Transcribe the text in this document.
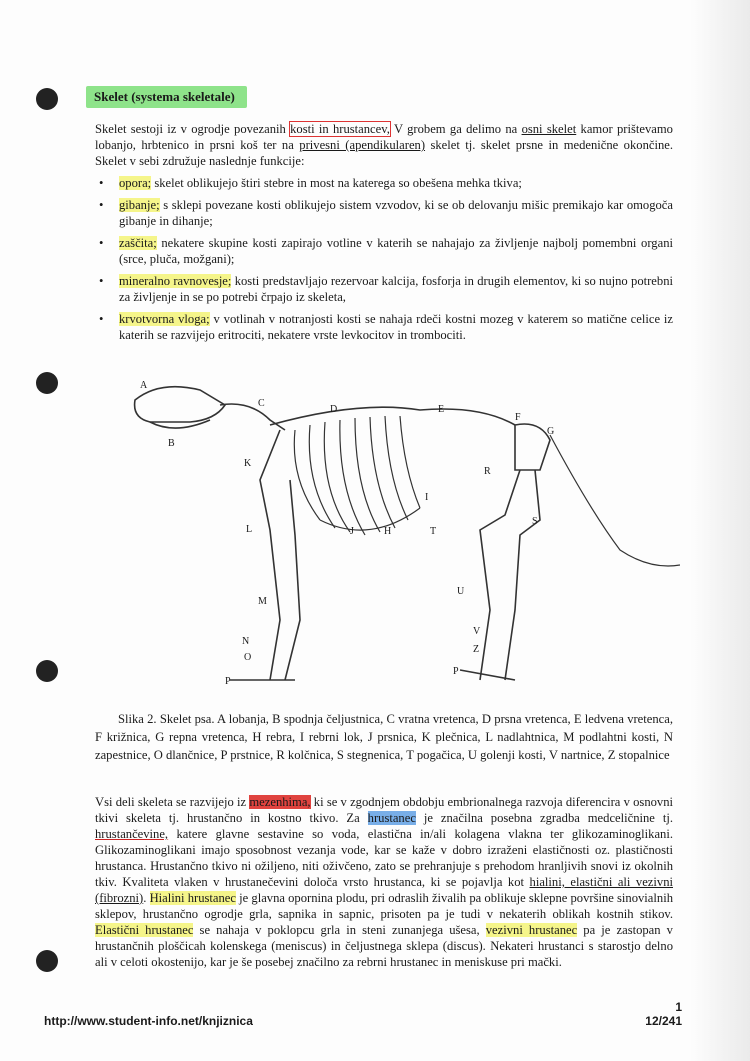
Skelet (systema skeletale)
Skelet sestoji iz v ogrodje povezanih kosti in hrustancev, V grobem ga delimo na osni skelet kamor prištevamo lobanjo, hrbtenico in prsni koš ter na privesni (apendikularen) skelet tj. skelet prsne in medenične okončine. Skelet v sebi združuje naslednje funkcije:
• opora; skelet oblikujejo štiri stebre in most na katerega so obešena mehka tkiva;
• gibanje; s sklepi povezane kosti oblikujejo sistem vzvodov, ki se ob delovanju mišic premikajo kar omogoča gibanje in dihanje;
• zaščita; nekatere skupine kosti zapirajo votline v katerih se nahajajo za življenje najbolj pomembni organi (srce, pluča, možgani);
• mineralno ravnovesje; kosti predstavljajo rezervoar kalcija, fosforja in drugih elementov, ki so nujno potrebni za življenje in se po potrebi črpajo iz skeleta,
• krvotvorna vloga; v votlinah v notranjosti kosti se nahaja rdeči kostni mozeg v katerem so matične celice iz katerih se razvijejo eritrociti, nekatere vrste levkocitov in trombociti.
A
B
C
D	E
F
G
K
R
I
L	J	H	T
S
U
M
N
O
V
Z
P
P
Slika 2. Skelet psa. A lobanja, B spodnja čeljustnica, C vratna vretenca, D prsna vretenca, E ledvena vretenca, F križnica, G repna vretenca, H rebra, I rebrni lok, J prsnica, K plečnica, L nadlahtnica, M podlahtni kosti, N zapestnice, O dlančnice, P prstnice, R kolčnica, S stegnenica, T pogačica, U golenji kosti, V nartnice, Z stopalnice
Vsi deli skeleta se razvijejo iz mezenhima, ki se v zgodnjem obdobju embrionalnega razvoja diferencira v osnovni tkivi skeleta tj. hrustančno in kostno tkivo. Za hrustanec je značilna posebna zgradba medceličnine tj. hrustančevine, katere glavne sestavine so voda, elastična in/ali kolagena vlakna ter glikozaminoglikani. Glikozaminoglikani imajo sposobnost vezanja vode, kar se kaže v dobro izraženi elastičnosti oz. plastičnosti hrustanca. Hrustančno tkivo ni ožiljeno, niti oživčeno, zato se prehranjuje s prehodom hranljivih snovi iz okolnih tkiv. Kvaliteta vlaken v hrustanečevini določa vrsto hrustanca, ki se pojavlja kot hialini, elastični ali vezivni (fibrozni). Hialini hrustanec je glavna opornina plodu, pri odraslih živalih pa oblikuje sklepne površine sinovialnih sklepov, hrustančno ogrodje grla, sapnika in sapnic, prisoten pa je tudi v nekaterih oblikah kostnih stikov. Elastični hrustanec se nahaja v poklopcu grla in steni zunanjega ušesa, vezivni hrustanec pa je zastopan v hrustančnih ploščicah kolenskega (meniscus) in čeljustnega sklepa (discus). Nekateri hrustanci s starostjo delno ali v celoti okostenijo, kar je še posebej značilno za rebrni hrustanec in meniskuse pri mački.
http://www.student-info.net/knjiznica
1
12/241
